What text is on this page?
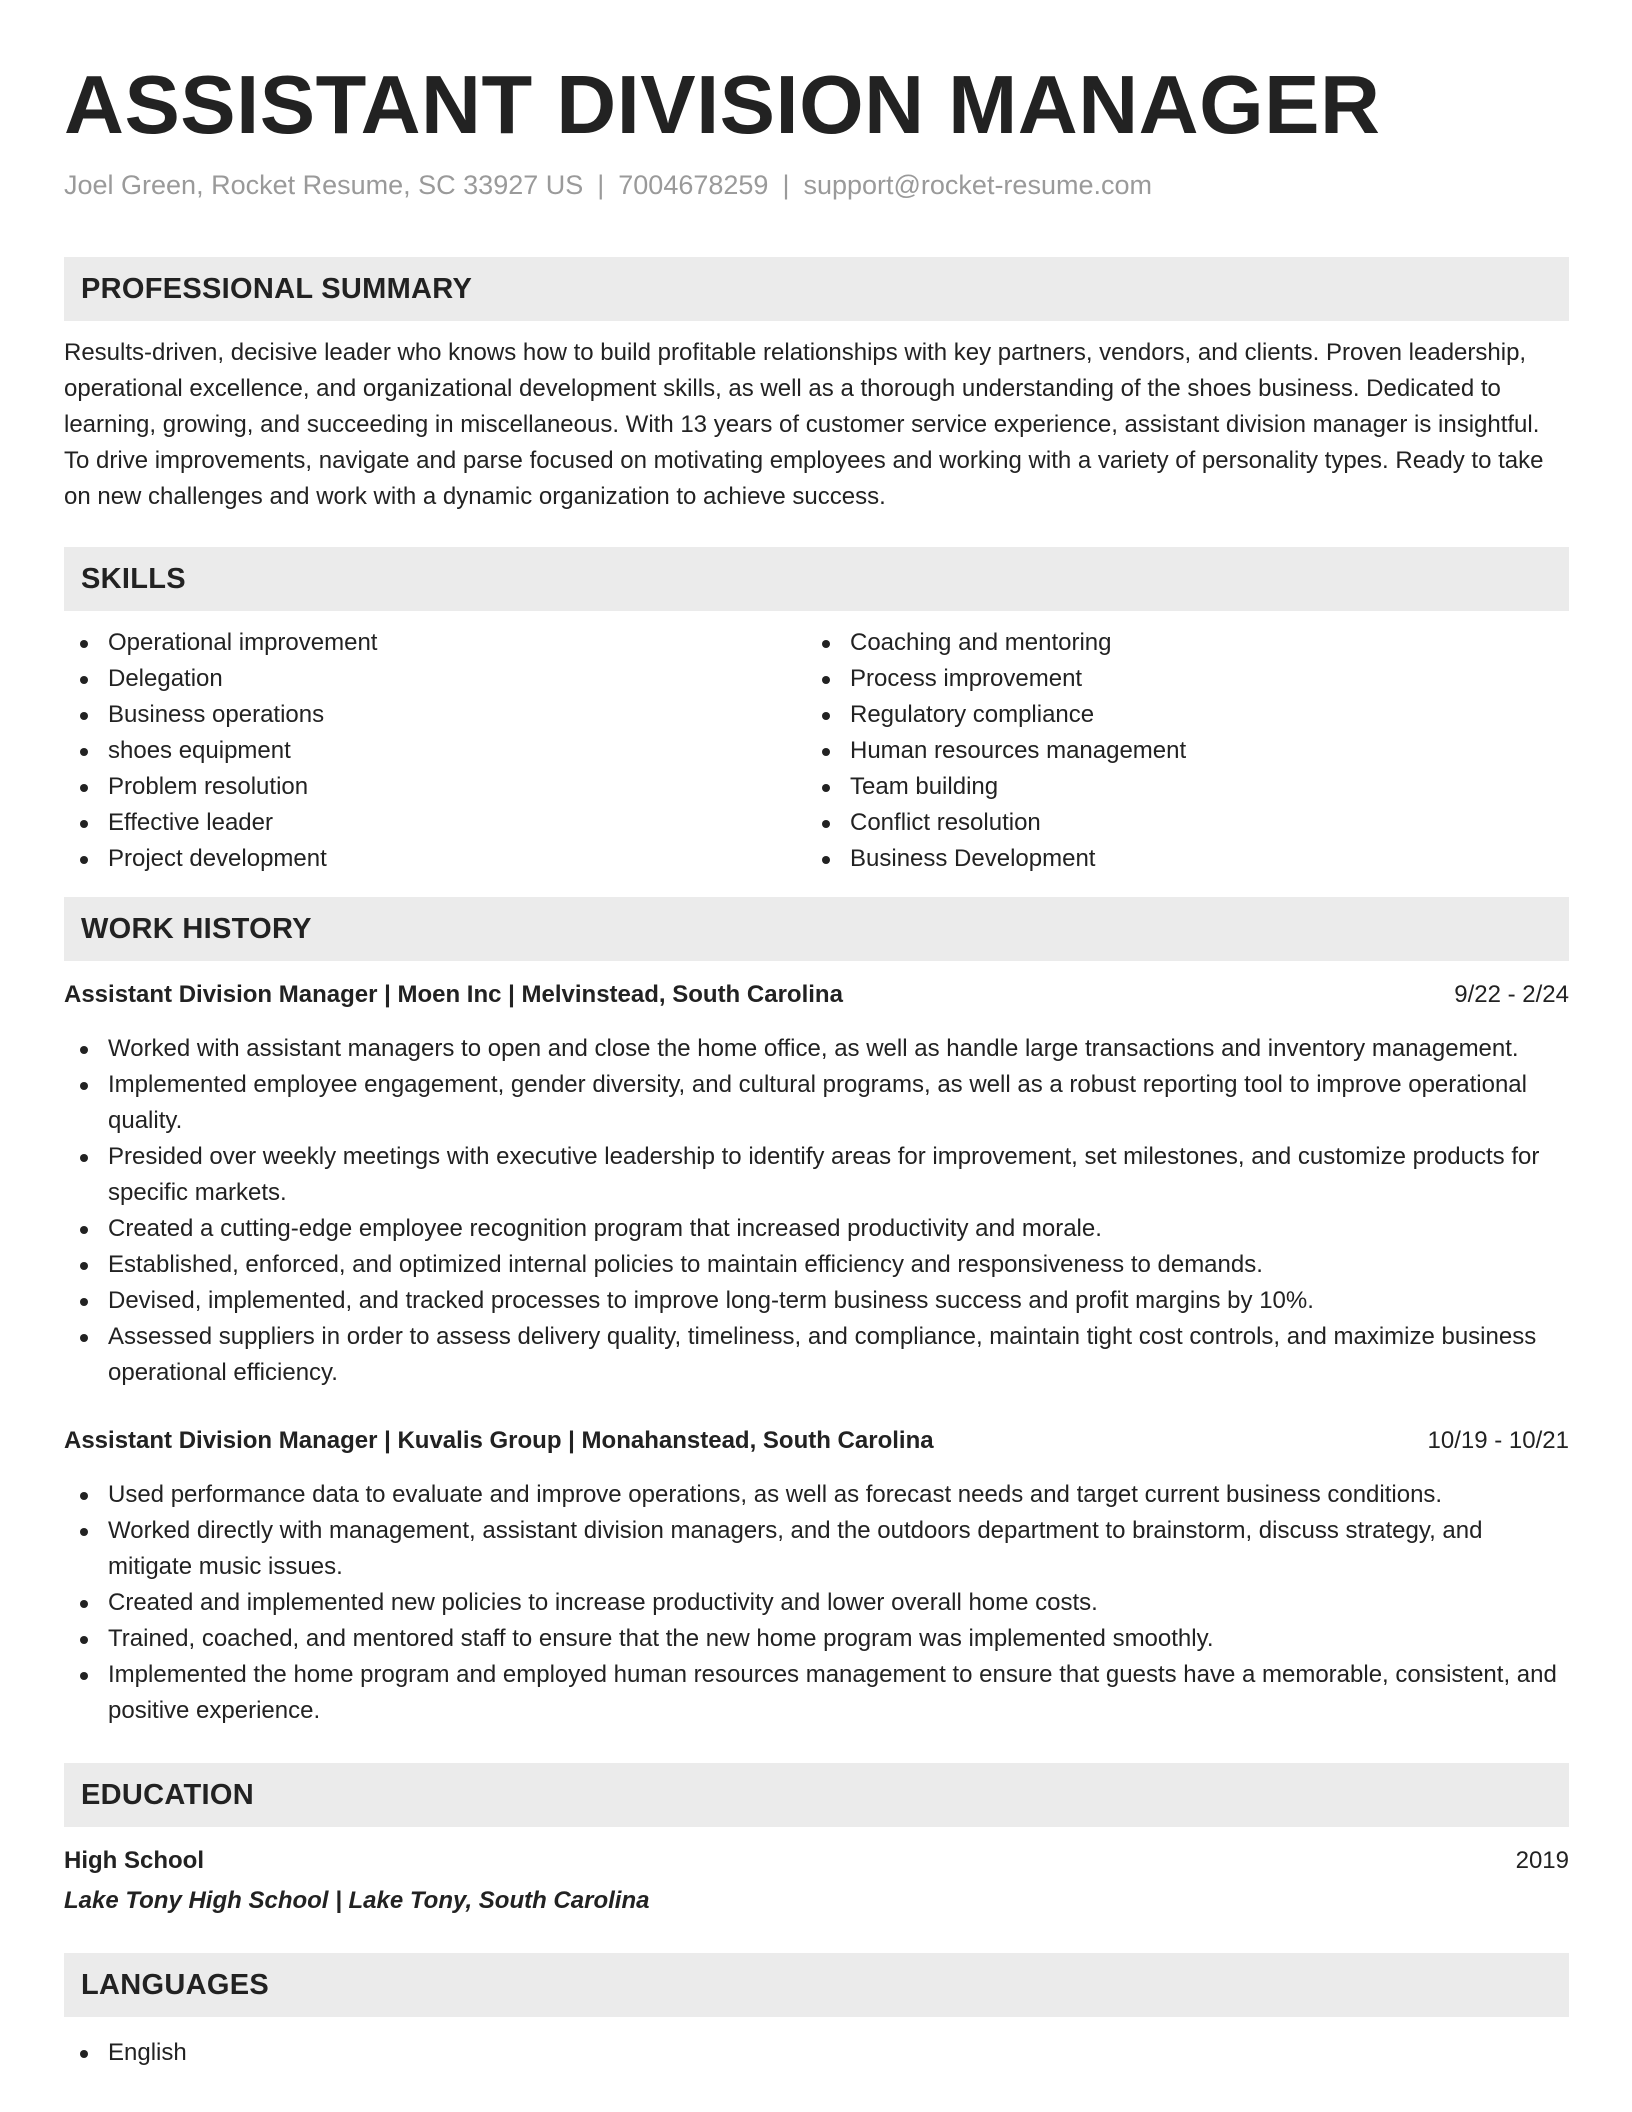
ASSISTANT DIVISION MANAGER
Joel Green, Rocket Resume, SC 33927 US | 7004678259 | support@rocket-resume.com
PROFESSIONAL SUMMARY

Results-driven, decisive leader who knows how to build profitable relationships with key partners, vendors, and clients. Proven leadership, operational excellence, and organizational development skills, as well as a thorough understanding of the shoes business. Dedicated to learning, growing, and succeeding in miscellaneous. With 13 years of customer service experience, assistant division manager is insightful. To drive improvements, navigate and parse focused on motivating employees and working with a variety of personality types. Ready to take on new challenges and work with a dynamic organization to achieve success.

SKILLS
Operational improvement
Delegation
Business operations
shoes equipment
Problem resolution
Effective leader
Project development
Coaching and mentoring
Process improvement
Regulatory compliance
Human resources management
Team building
Conflict resolution
Business Development
WORK HISTORY
Assistant Division Manager | Moen Inc | Melvinstead, South Carolina	9/22 - 2/24
Worked with assistant managers to open and close the home office, as well as handle large transactions and inventory management.
Implemented employee engagement, gender diversity, and cultural programs, as well as a robust reporting tool to improve operational quality.
Presided over weekly meetings with executive leadership to identify areas for improvement, set milestones, and customize products for specific markets.
Created a cutting-edge employee recognition program that increased productivity and morale.
Established, enforced, and optimized internal policies to maintain efficiency and responsiveness to demands.
Devised, implemented, and tracked processes to improve long-term business success and profit margins by 10%.
Assessed suppliers in order to assess delivery quality, timeliness, and compliance, maintain tight cost controls, and maximize business operational efficiency.
Assistant Division Manager | Kuvalis Group | Monahanstead, South Carolina	10/19 - 10/21
Used performance data to evaluate and improve operations, as well as forecast needs and target current business conditions.
Worked directly with management, assistant division managers, and the outdoors department to brainstorm, discuss strategy, and mitigate music issues.
Created and implemented new policies to increase productivity and lower overall home costs.
Trained, coached, and mentored staff to ensure that the new home program was implemented smoothly.
Implemented the home program and employed human resources management to ensure that guests have a memorable, consistent, and positive experience.
EDUCATION
High School	2019
Lake Tony High School | Lake Tony, South Carolina
LANGUAGES
English
